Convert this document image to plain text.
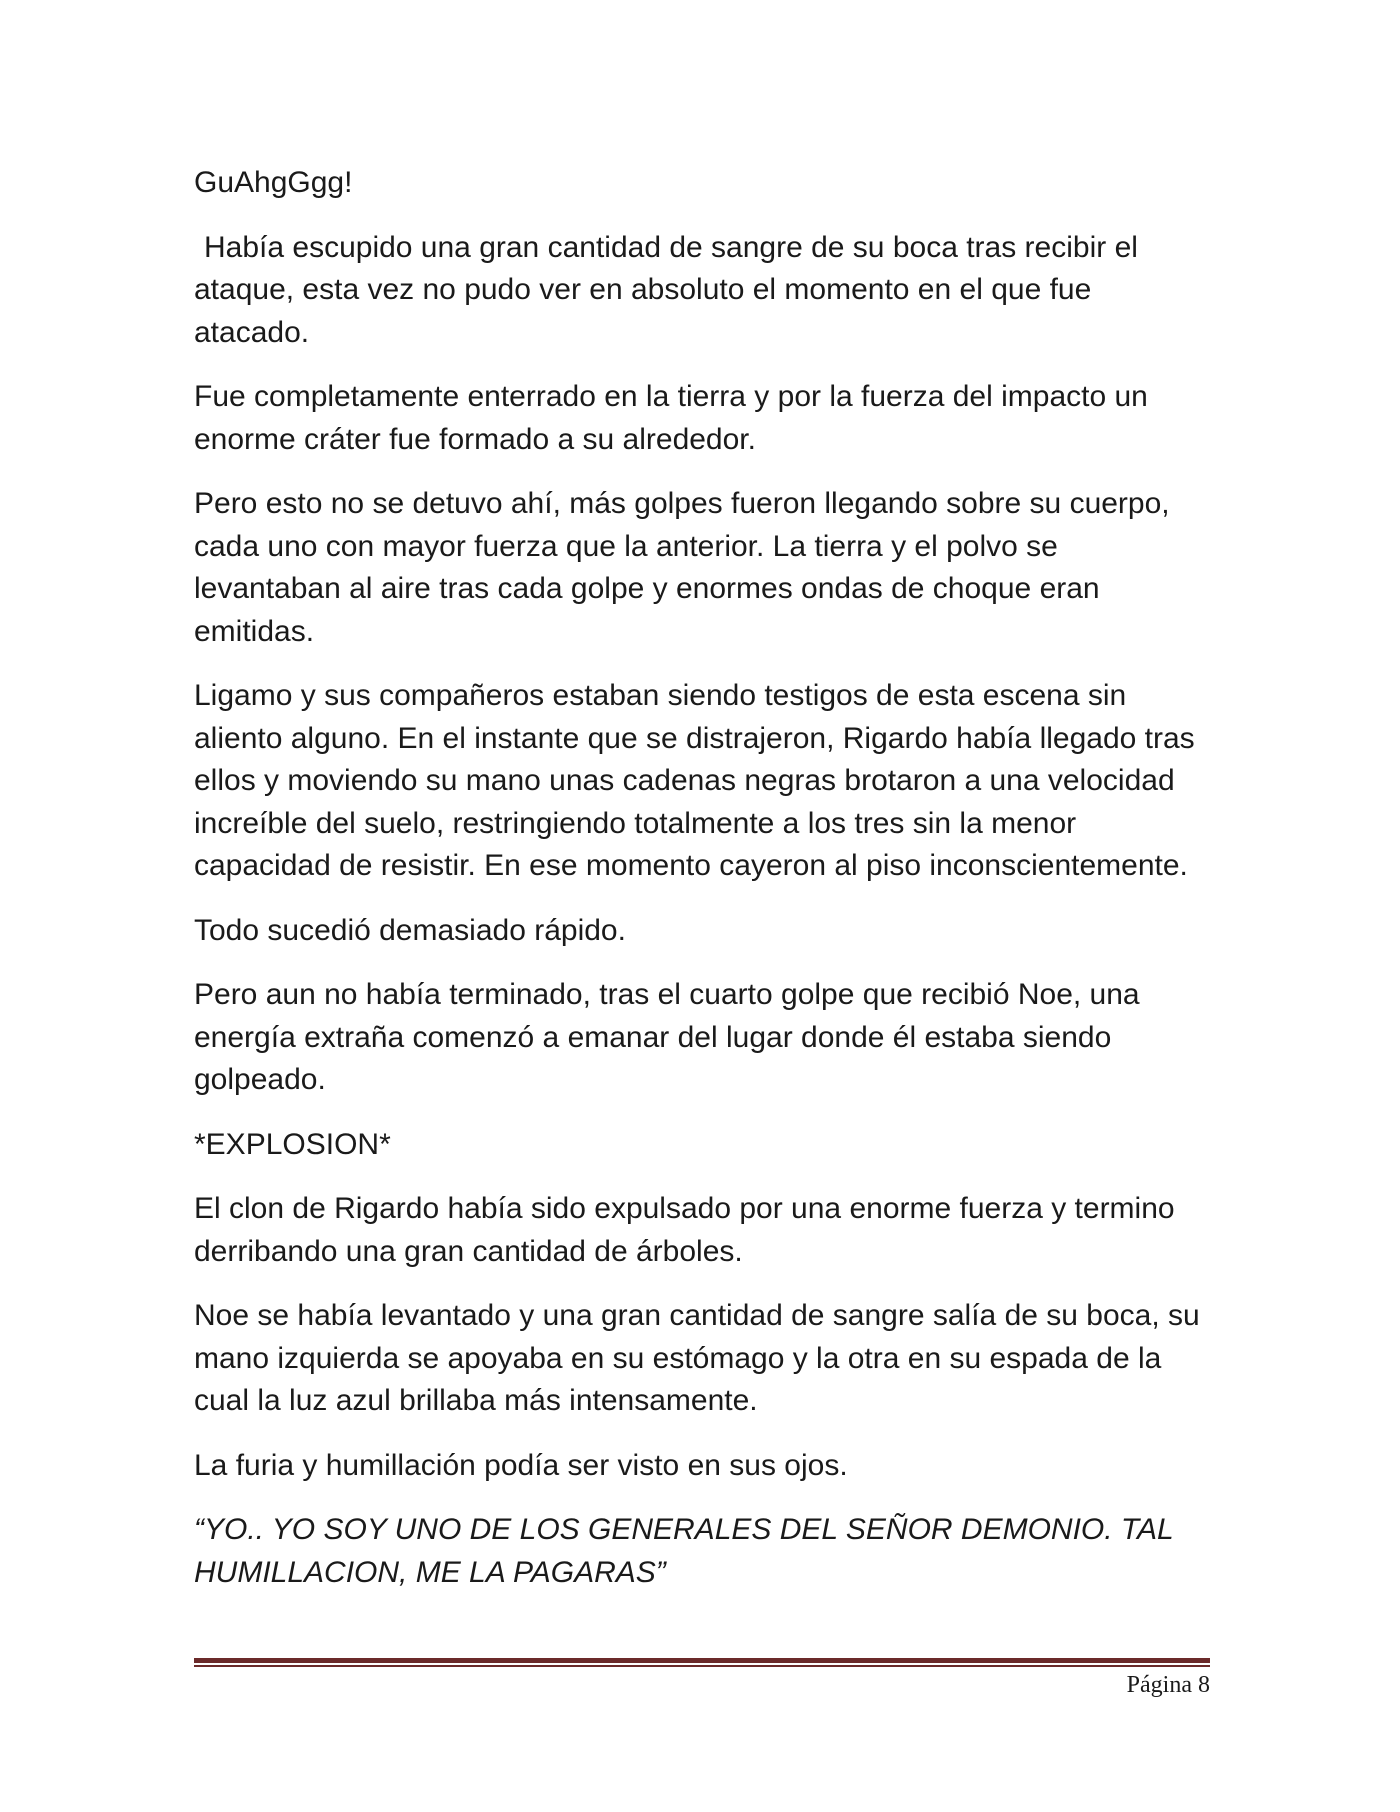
GuAhgGgg!

Había escupido una gran cantidad de sangre de su boca tras recibir el ataque, esta vez no pudo ver en absoluto el momento en el que fue atacado.

Fue completamente enterrado en la tierra y por la fuerza del impacto un enorme cráter fue formado a su alrededor.

Pero esto no se detuvo ahí, más golpes fueron llegando sobre su cuerpo, cada uno con mayor fuerza que la anterior. La tierra y el polvo se levantaban al aire tras cada golpe y enormes ondas de choque eran emitidas.

Ligamo y sus compañeros estaban siendo testigos de esta escena sin aliento alguno. En el instante que se distrajeron, Rigardo había llegado tras ellos y moviendo su mano unas cadenas negras brotaron a una velocidad increíble del suelo, restringiendo totalmente a los tres sin la menor capacidad de resistir. En ese momento cayeron al piso inconscientemente.

Todo sucedió demasiado rápido.

Pero aun no había terminado, tras el cuarto golpe que recibió Noe, una energía extraña comenzó a emanar del lugar donde él estaba siendo golpeado.

*EXPLOSION*

El clon de Rigardo había sido expulsado por una enorme fuerza y termino derribando una gran cantidad de árboles.

Noe se había levantado y una gran cantidad de sangre salía de su boca, su mano izquierda se apoyaba en su estómago y la otra en su espada de la cual la luz azul brillaba más intensamente.

La furia y humillación podía ser visto en sus ojos.

“YO.. YO SOY UNO DE LOS GENERALES DEL SEÑOR DEMONIO. TAL HUMILLACION, ME LA PAGARAS”

Página 8
